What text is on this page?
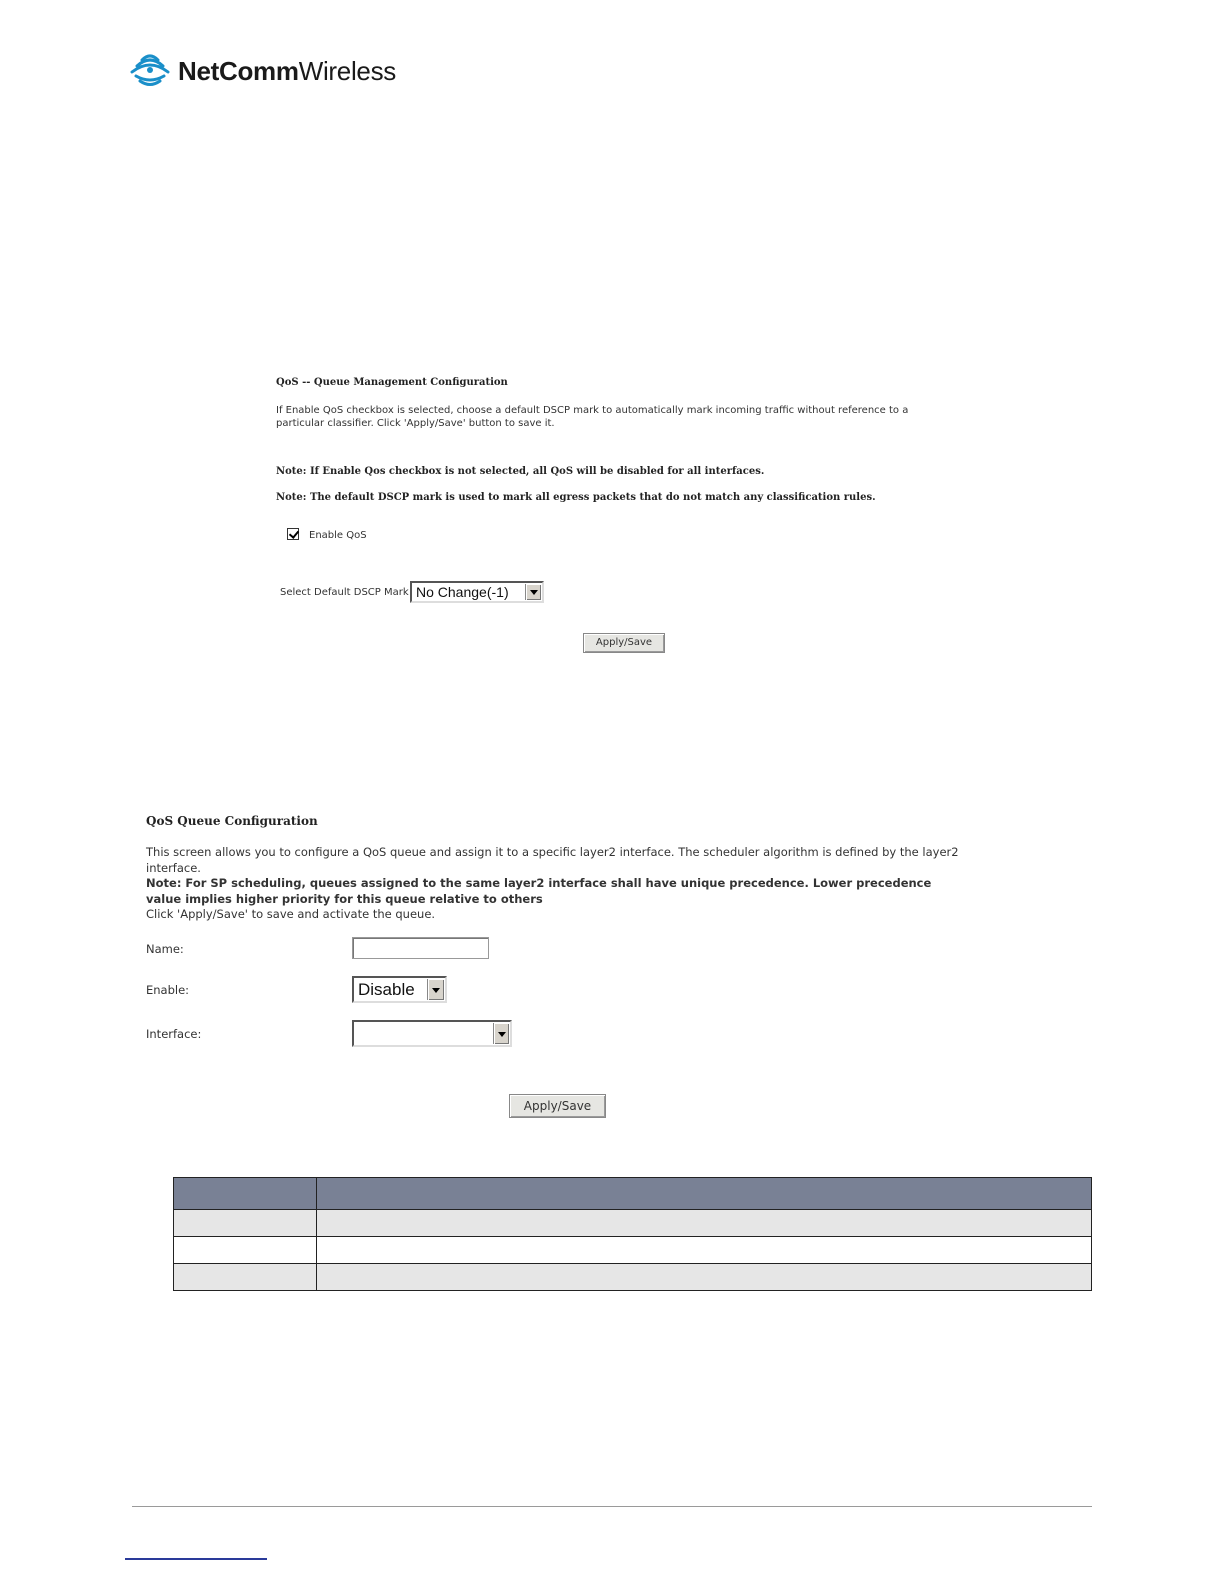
NetCommWireless
QoS -- Queue Management Configuration
If Enable QoS checkbox is selected, choose a default DSCP mark to automatically mark incoming traffic without reference to a particular classifier. Click 'Apply/Save' button to save it.
Note: If Enable Qos checkbox is not selected, all QoS will be disabled for all interfaces.
Note: The default DSCP mark is used to mark all egress packets that do not match any classification rules.
Enable QoS
Select Default DSCP Mark No Change(-1)
Apply/Save
QoS Queue Configuration
This screen allows you to configure a QoS queue and assign it to a specific layer2 interface. The scheduler algorithm is defined by the layer2 interface.
Note: For SP scheduling, queues assigned to the same layer2 interface shall have unique precedence. Lower precedence value implies higher priority for this queue relative to others
Click 'Apply/Save' to save and activate the queue.
Name:
Enable:	Disable
Interface:
Apply/Save
